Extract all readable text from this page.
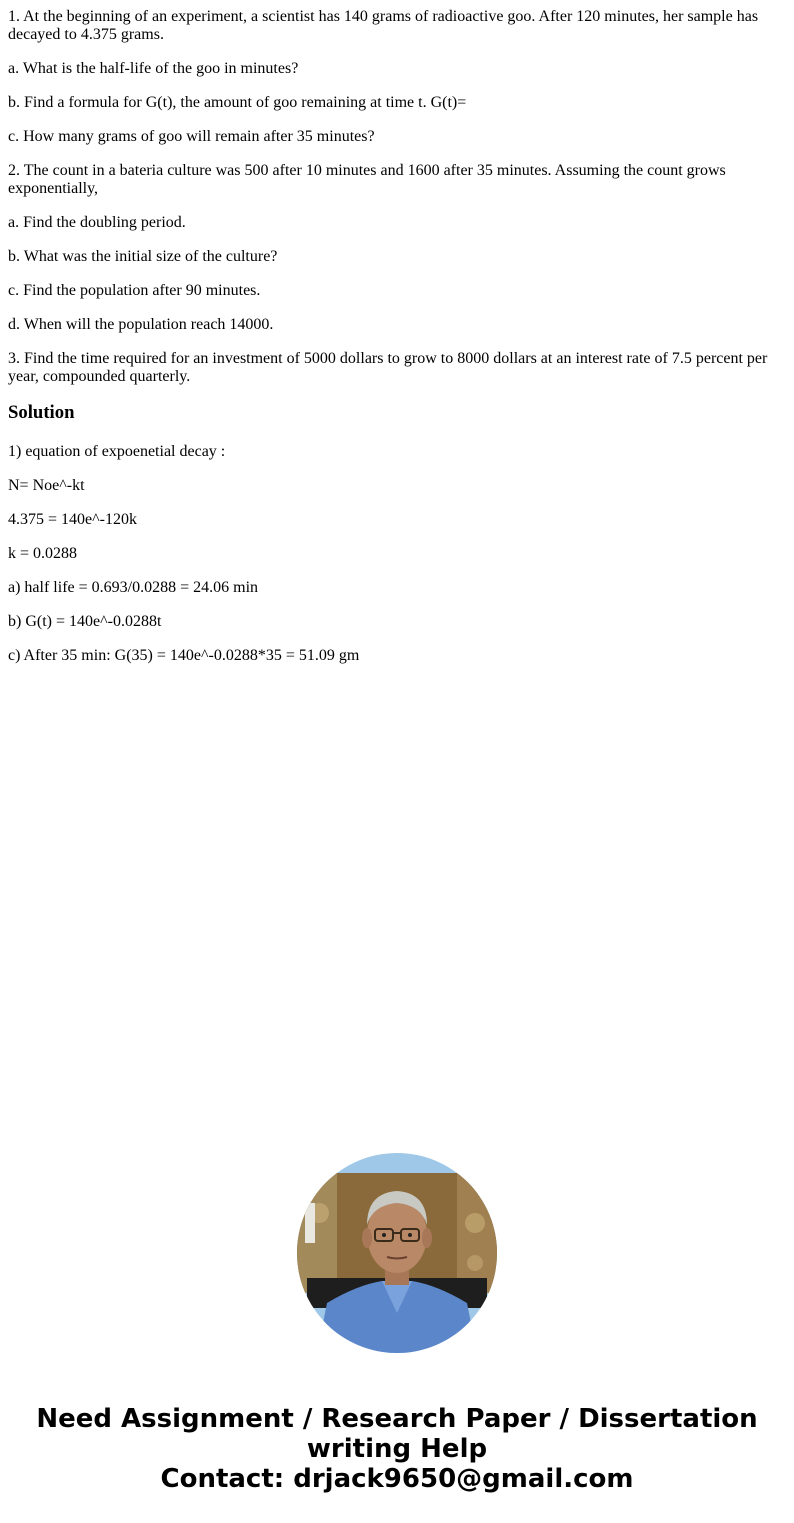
1. At the beginning of an experiment, a scientist has 140 grams of radioactive goo. After 120 minutes, her sample has decayed to 4.375 grams.

a. What is the half-life of the goo in minutes?

b. Find a formula for G(t), the amount of goo remaining at time t. G(t)=

c. How many grams of goo will remain after 35 minutes?

2. The count in a bateria culture was 500 after 10 minutes and 1600 after 35 minutes. Assuming the count grows exponentially,

a. Find the doubling period.

b. What was the initial size of the culture?

c. Find the population after 90 minutes.

d. When will the population reach 14000.

3. Find the time required for an investment of 5000 dollars to grow to 8000 dollars at an interest rate of 7.5 percent per year, compounded quarterly.

Solution

1) equation of expoenetial decay :

N= Noe^-kt

4.375 = 140e^-120k

k = 0.0288

a) half life = 0.693/0.0288 = 24.06 min

b) G(t) = 140e^-0.0288t

c) After 35 min: G(35) = 140e^-0.0288*35 = 51.09 gm

Need Assignment / Research Paper / Dissertation
writing Help
Contact: drjack9650@gmail.com
